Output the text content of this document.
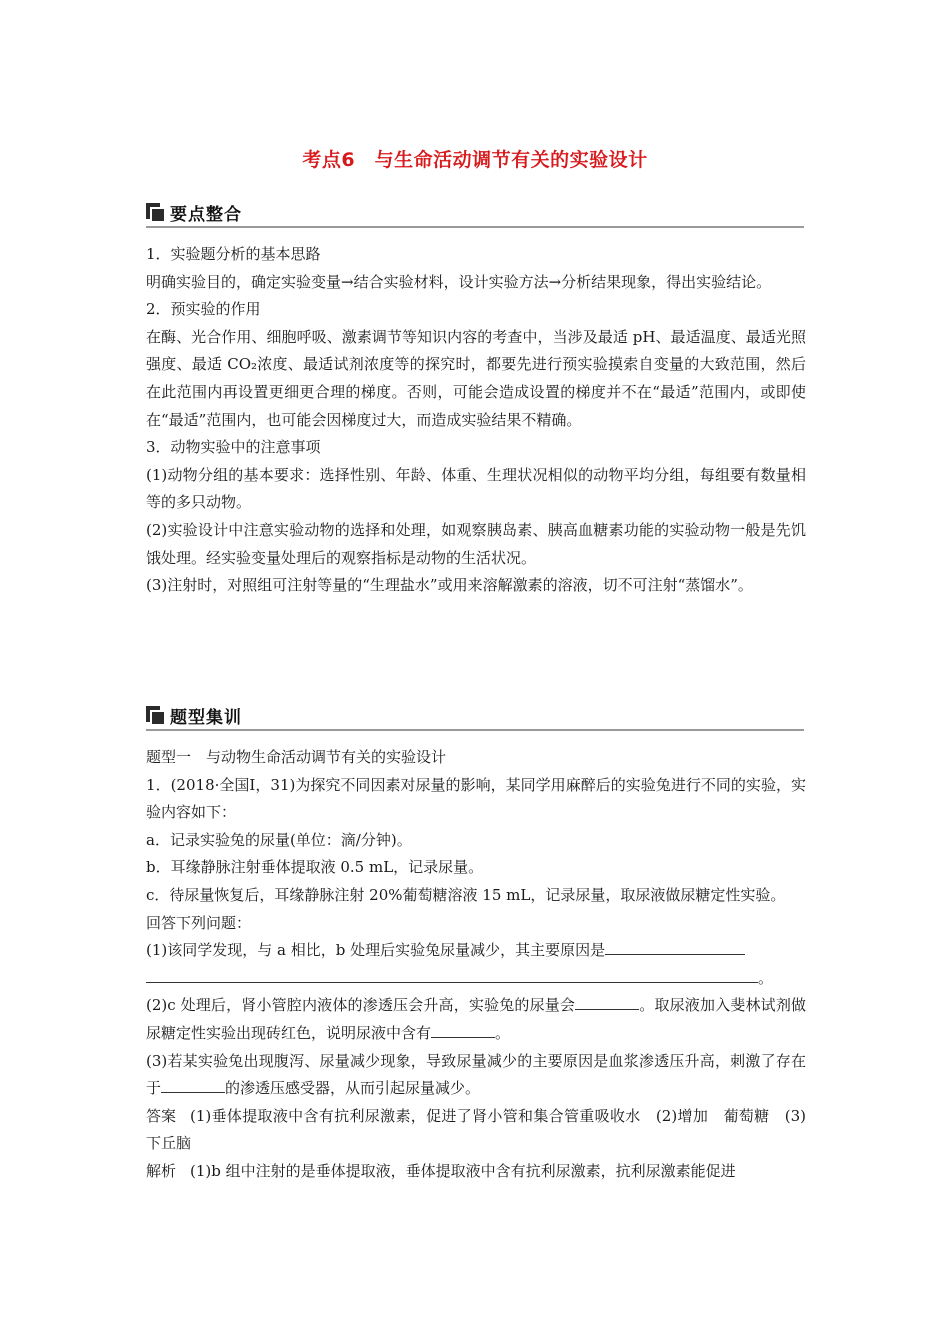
考点6　与生命活动调节有关的实验设计
要点整合

1．实验题分析的基本思路

明确实验目的，确定实验变量→结合实验材料，设计实验方法→分析结果现象，得出实验结论。

2．预实验的作用

在酶、光合作用、细胞呼吸、激素调节等知识内容的考查中，当涉及最适 pH、最适温度、最适光照强度、最适 CO₂浓度、最适试剂浓度等的探究时，都要先进行预实验摸索自变量的大致范围，然后在此范围内再设置更细更合理的梯度。否则，可能会造成设置的梯度并不在“最适”范围内，或即使在“最适”范围内，也可能会因梯度过大，而造成实验结果不精确。

3．动物实验中的注意事项

(1)动物分组的基本要求：选择性别、年龄、体重、生理状况相似的动物平均分组，每组要有数量相等的多只动物。

(2)实验设计中注意实验动物的选择和处理，如观察胰岛素、胰高血糖素功能的实验动物一般是先饥饿处理。经实验变量处理后的观察指标是动物的生活状况。

(3)注射时，对照组可注射等量的“生理盐水”或用来溶解激素的溶液，切不可注射“蒸馏水”。

题型集训

题型一　与动物生命活动调节有关的实验设计

1．(2018·全国Ⅰ，31)为探究不同因素对尿量的影响，某同学用麻醉后的实验兔进行不同的实验，实验内容如下：

a．记录实验兔的尿量(单位：滴/分钟)。

b．耳缘静脉注射垂体提取液 0.5 mL，记录尿量。

c．待尿量恢复后，耳缘静脉注射 20%葡萄糖溶液 15 mL，记录尿量，取尿液做尿糖定性实验。

回答下列问题：

(1)该同学发现，与 a 相比，b 处理后实验兔尿量减少，其主要原因是
。

(2)c 处理后，肾小管腔内液体的渗透压会升高，实验兔的尿量会	。取尿液加入斐林试剂做尿糖定性实验出现砖红色，说明尿液中含有	。

(3)若某实验兔出现腹泻、尿量减少现象，导致尿量减少的主要原因是血浆渗透压升高，刺激了存在于	的渗透压感受器，从而引起尿量减少。

答案 (1)垂体提取液中含有抗利尿激素，促进了肾小管和集合管重吸收水　(2)增加　葡萄糖　(3)下丘脑

解析 (1)b 组中注射的是垂体提取液，垂体提取液中含有抗利尿激素，抗利尿激素能促进
